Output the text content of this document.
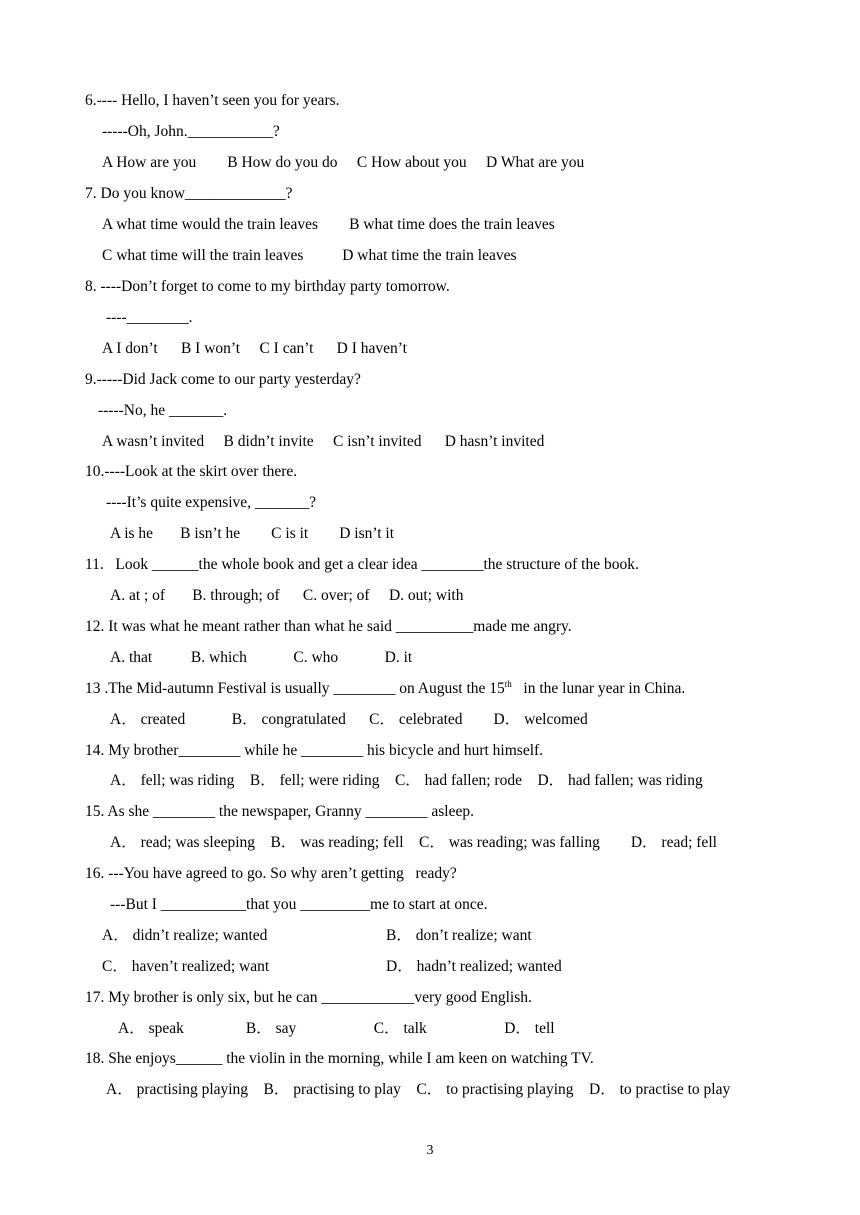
6.---- Hello, I haven’t seen you for years.
-----Oh, John.___________?
A How are you        B How do you do     C How about you     D What are you
7. Do you know_____________?
A what time would the train leaves        B what time does the train leaves
C what time will the train leaves          D what time the train leaves
8. ----Don’t forget to come to my birthday party tomorrow.
----________.
A I don’t      B I won’t     C I can’t      D I haven’t
9.-----Did Jack come to our party yesterday?
-----No, he _______.
A wasn’t invited     B didn’t invite     C isn’t invited      D hasn’t invited
10.----Look at the skirt over there.
----It’s quite expensive, _______?
A is he       B isn’t he        C is it        D isn’t it
11.   Look ______the whole book and get a clear idea ________the structure of the book.
A. at ; of       B. through; of      C. over; of     D. out; with
12. It was what he meant rather than what he said __________made me angry.
A. that          B. which            C. who            D. it
13 .The Mid-autumn Festival is usually ________ on August the 15th   in the lunar year in China.
A． created            B． congratulated      C． celebrated        D． welcomed
14. My brother________ while he ________ his bicycle and hurt himself.
A． fell; was riding    B． fell; were riding    C． had fallen; rode    D． had fallen; was riding
15. As she ________ the newspaper, Granny ________ asleep.
A． read; was sleeping    B． was reading; fell    C． was reading; was falling        D． read; fell
16. ---You have agreed to go. So why aren’t getting   ready?
---But I ___________that you _________me to start at once.
A． didn’t realize; wanted	B． don’t realize; want
C． haven’t realized; want	D． hadn’t realized; wanted
17. My brother is only six, but he can ____________very good English.
A． speak                B． say                    C． talk                    D． tell
18. She enjoys______ the violin in the morning, while I am keen on watching TV.
A． practising playing    B． practising to play    C． to practising playing    D． to practise to play
3
